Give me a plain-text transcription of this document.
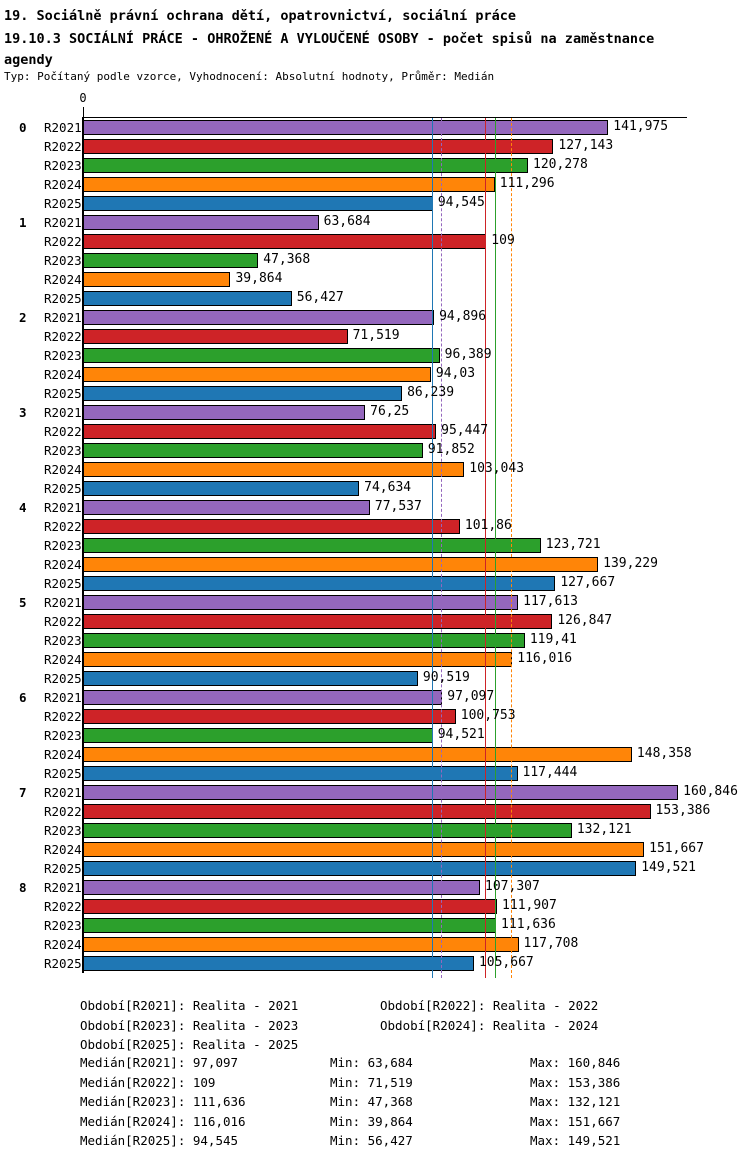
19. Sociálně právní ochrana dětí, opatrovnictví, sociální práce
19.10.3 SOCIÁLNÍ PRÁCE - OHROŽENÉ A VYLOUČENÉ OSOBY - počet spisů na zaměstnance agendy
Typ: Počítaný podle vzorce, Vyhodnocení: Absolutní hodnoty, Průměr: Medián
0
0 R2021	141,975
R2022	127,143
R2023	120,278
R2024	111,296
R2025	94,545
1 R2021	63,684
R2022	109
R2023	47,368
R2024	39,864
R2025	56,427
2 R2021	94,896
R2022	71,519
R2023	96,389
R2024	94,03
R2025	86,239
3 R2021	76,25
R2022	95,447
R2023	91,852
R2024	103,043
R2025	74,634
4 R2021	77,537
R2022	101,86
R2023	123,721
R2024	139,229
R2025	127,667
5 R2021	117,613
R2022	126,847
R2023	119,41
R2024	116,016
R2025	90,519
6 R2021	97,097
R2022	100,753
R2023	94,521
R2024	148,358
R2025	117,444
7 R2021	160,846
R2022	153,386
R2023	132,121
R2024	151,667
R2025	149,521
8 R2021	107,307
R2022	111,907
R2023	111,636
R2024	117,708
R2025	105,667
Období[R2021]: Realita - 2021	Období[R2022]: Realita - 2022
Období[R2023]: Realita - 2023	Období[R2024]: Realita - 2024
Období[R2025]: Realita - 2025
Medián[R2021]: 97,097	Min: 63,684	Max: 160,846
Medián[R2022]: 109	Min: 71,519	Max: 153,386
Medián[R2023]: 111,636	Min: 47,368	Max: 132,121
Medián[R2024]: 116,016	Min: 39,864	Max: 151,667
Medián[R2025]: 94,545	Min: 56,427	Max: 149,521
